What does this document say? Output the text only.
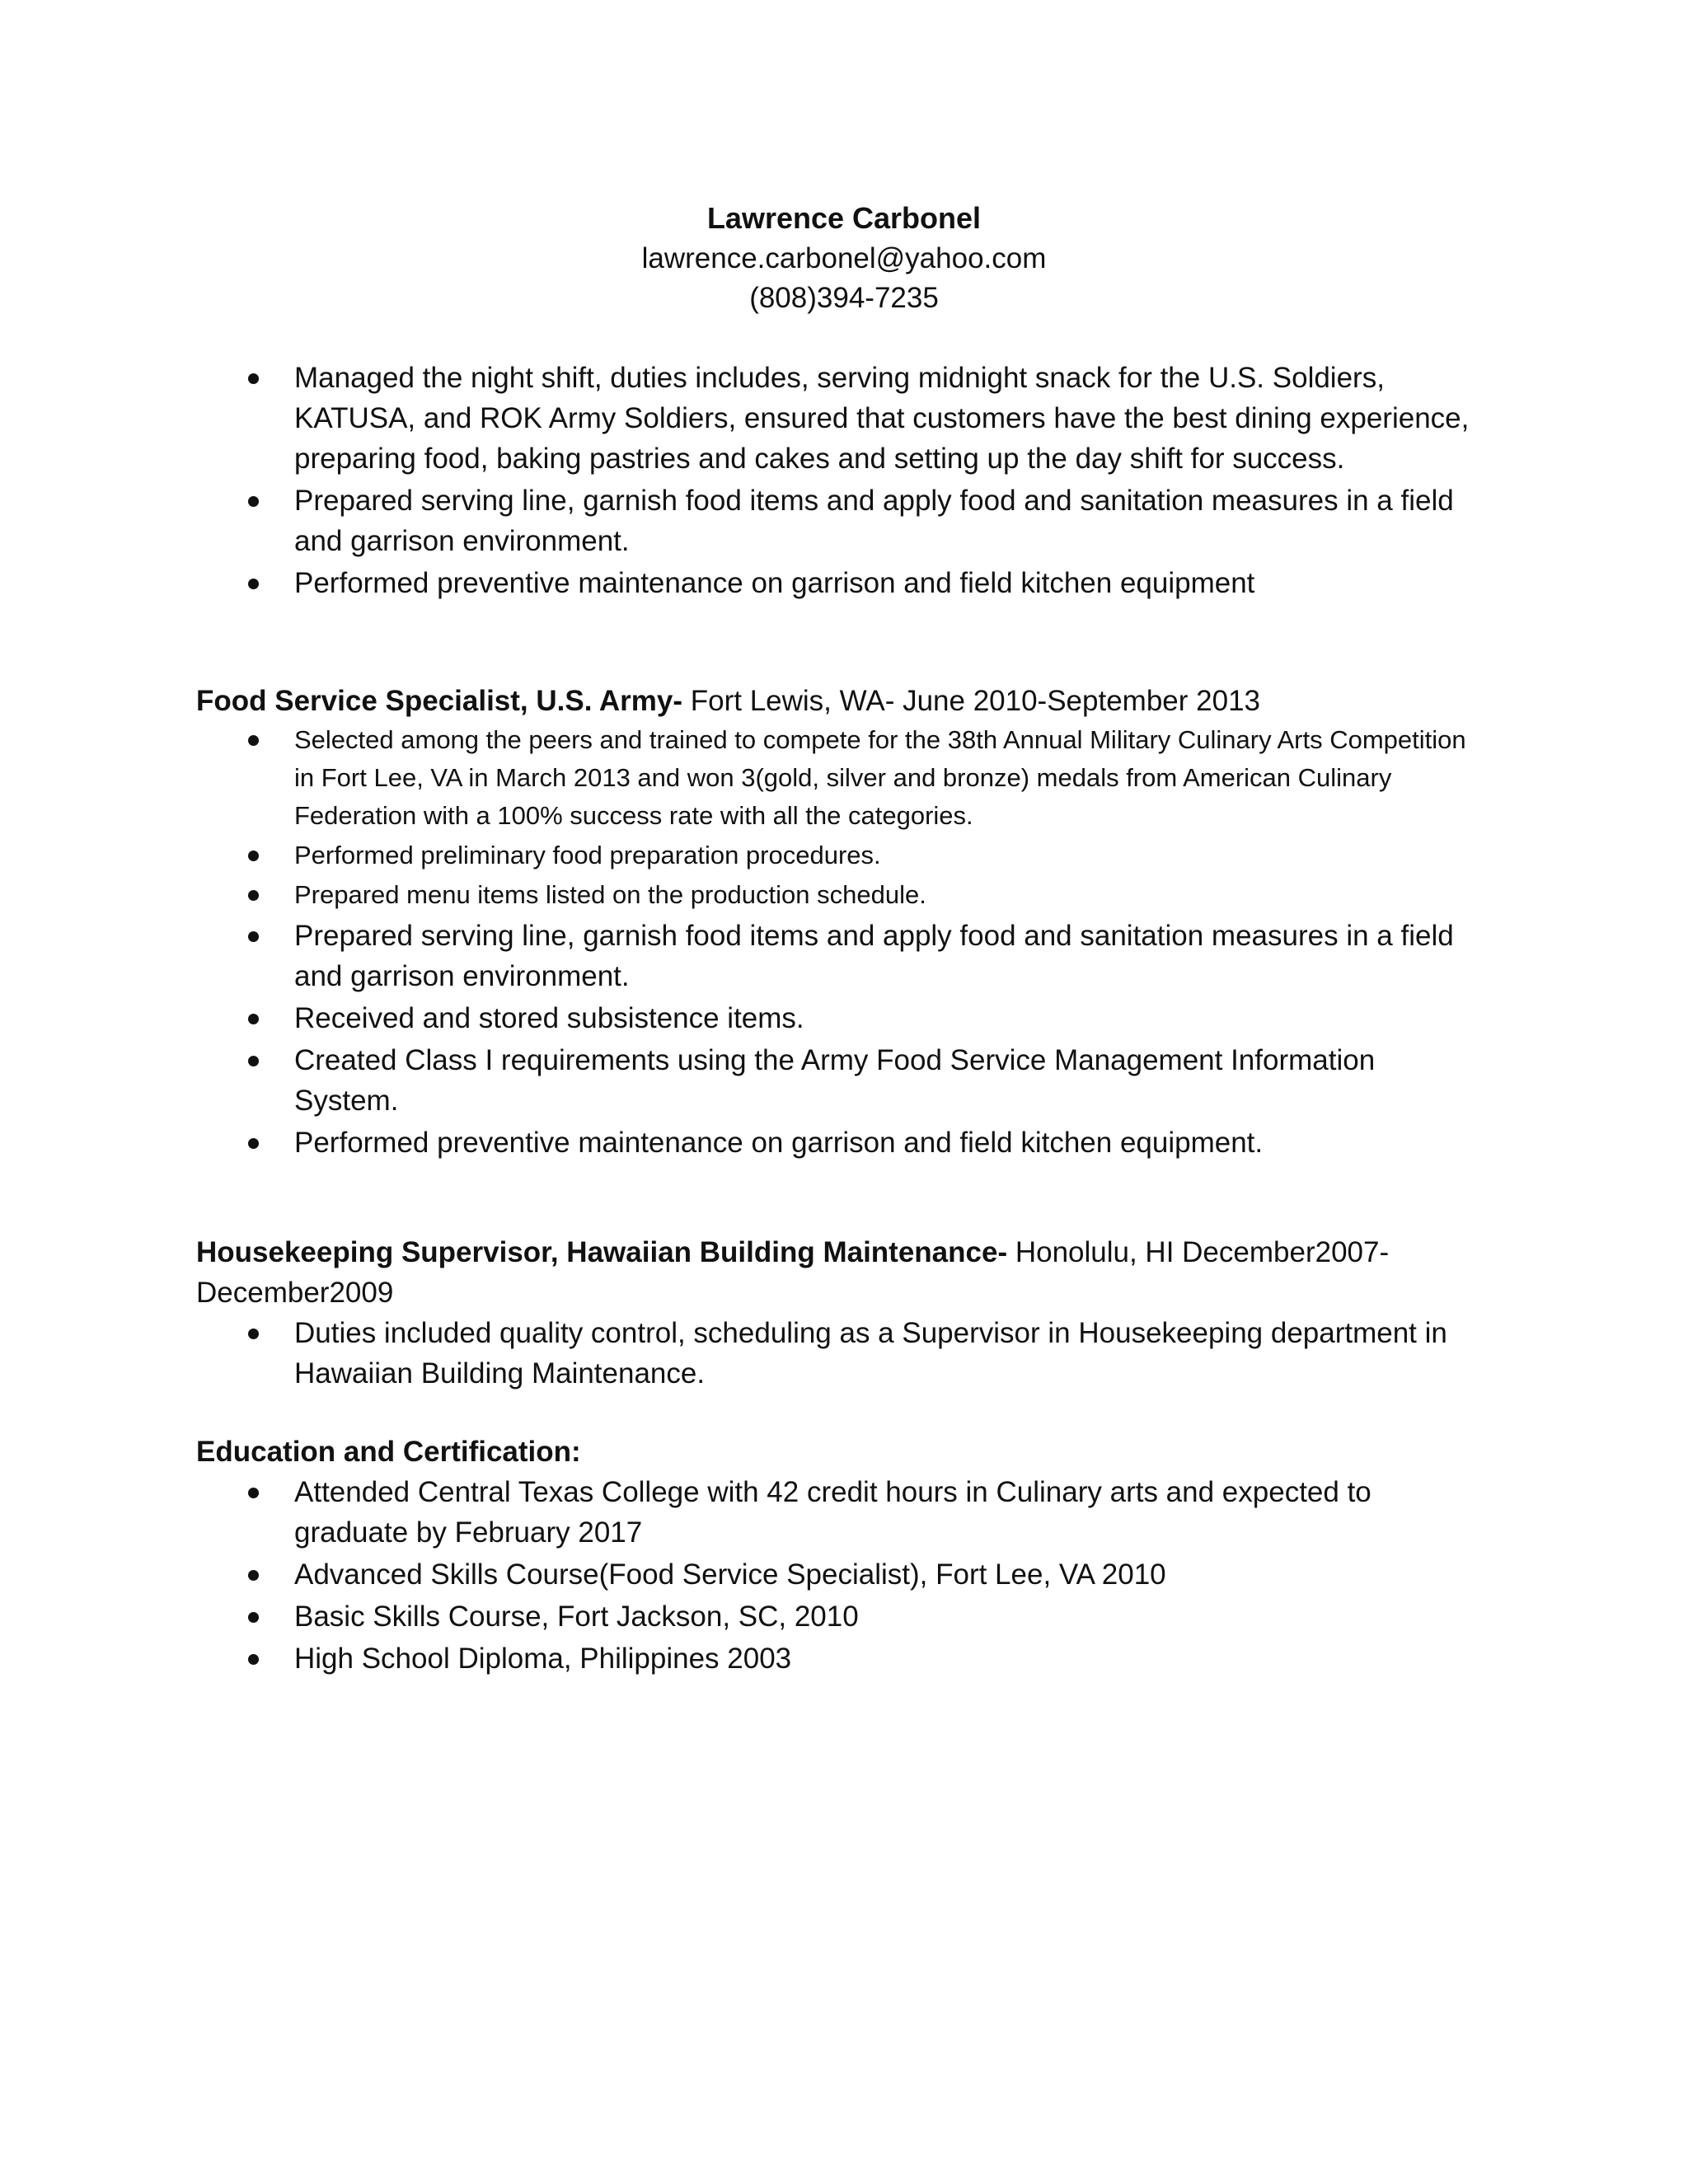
Lawrence Carbonel
lawrence.carbonel@yahoo.com
(808)394-7235
Managed the night shift, duties includes, serving midnight snack for the U.S. Soldiers, KATUSA, and ROK Army Soldiers, ensured that customers have the best dining experience, preparing food, baking pastries and cakes and setting up the day shift for success.
Prepared serving line, garnish food items and apply food and sanitation measures in a field and garrison environment.
Performed preventive maintenance on garrison and field kitchen equipment
Food Service Specialist, U.S. Army- Fort Lewis, WA- June 2010-September 2013
Selected among the peers and trained to compete for the 38th Annual Military Culinary Arts Competition in Fort Lee, VA in March 2013 and won 3(gold, silver and bronze) medals from American Culinary Federation with a 100% success rate with all the categories.
Performed preliminary food preparation procedures.
Prepared menu items listed on the production schedule.
Prepared serving line, garnish food items and apply food and sanitation measures in a field and garrison environment.
Received and stored subsistence items.
Created Class I requirements using the Army Food Service Management Information System.
Performed preventive maintenance on garrison and field kitchen equipment.
Housekeeping Supervisor, Hawaiian Building Maintenance- Honolulu, HI December2007-December2009
Duties included quality control, scheduling as a Supervisor in Housekeeping department in Hawaiian Building Maintenance.
Education and Certification:
Attended Central Texas College with 42 credit hours in Culinary arts and expected to graduate by February 2017
Advanced Skills Course(Food Service Specialist), Fort Lee, VA 2010
Basic Skills Course, Fort Jackson, SC, 2010
High School Diploma, Philippines 2003
